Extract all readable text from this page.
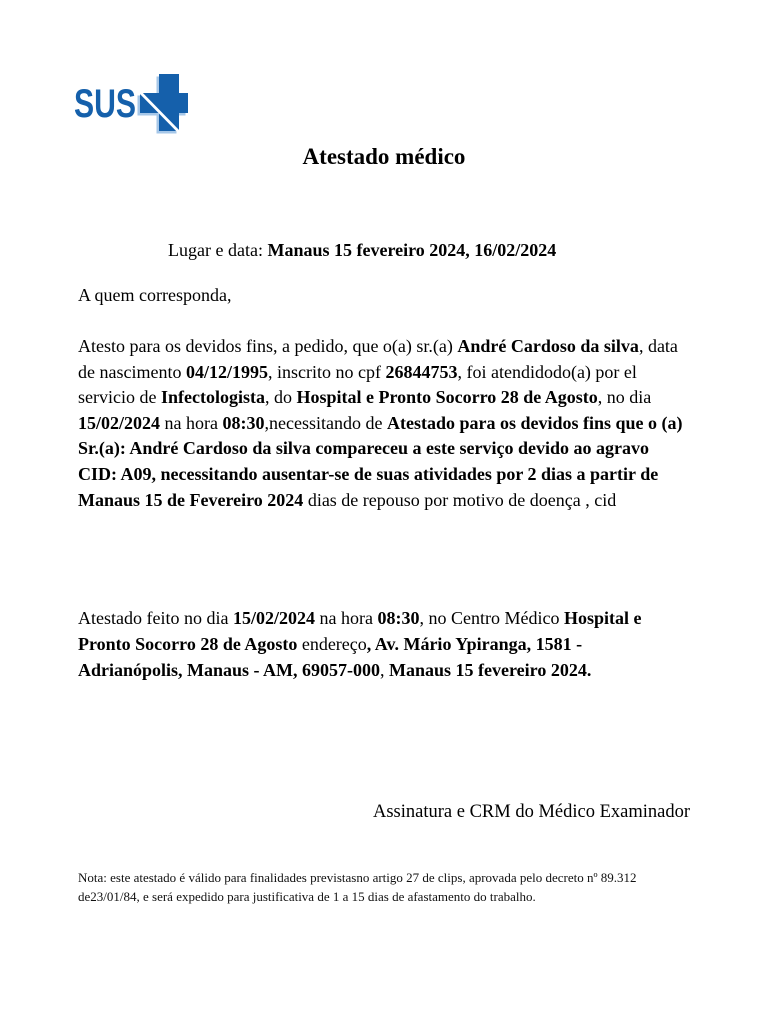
SUS
Atestado médico

Lugar e data: Manaus 15 fevereiro 2024, 16/02/2024

A quem corresponda,

Atesto para os devidos fins, a pedido, que o(a) sr.(a) André Cardoso da silva, data de nascimento 04/12/1995, inscrito no cpf 26844753, foi atendidodo(a) por el servicio de Infectologista, do Hospital e Pronto Socorro 28 de Agosto, no dia 15/02/2024 na hora 08:30,necessitando de Atestado para os devidos fins que o (a) Sr.(a): André Cardoso da silva compareceu a este serviço devido ao agravo CID: A09, necessitando ausentar-se de suas atividades por 2 dias a partir de Manaus 15 de Fevereiro 2024 dias de repouso por motivo de doença , cid

Atestado feito no dia 15/02/2024 na hora 08:30, no Centro Médico Hospital e Pronto Socorro 28 de Agosto endereço, Av. Mário Ypiranga, 1581 - Adrianópolis, Manaus - AM, 69057-000, Manaus 15 fevereiro 2024.

Assinatura e CRM do Médico Examinador

Nota: este atestado é válido para finalidades previstasno artigo 27 de clips, aprovada pelo decreto nº 89.312 de23/01/84, e será expedido para justificativa de 1 a 15 dias de afastamento do trabalho.
